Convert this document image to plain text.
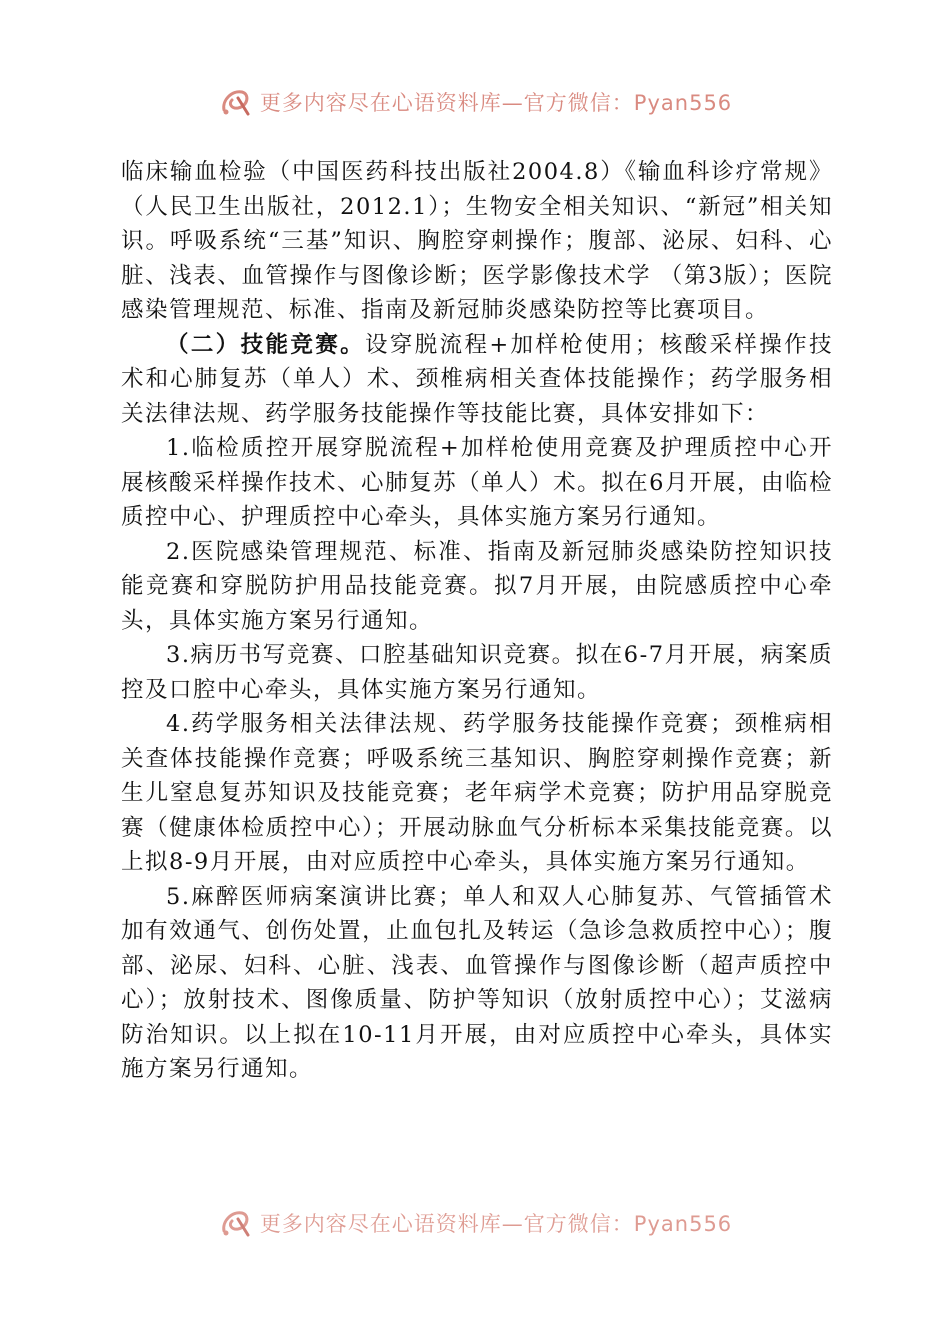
更多内容尽在心语资料库—官方微信：Pyan556

临床输血检验（中国医药科技出版社2004.8）《输血科诊疗常规》（人民卫生出版社，2012.1）；生物安全相关知识、“新冠”相关知识。呼吸系统“三基”知识、胸腔穿刺操作；腹部、泌尿、妇科、心脏、浅表、血管操作与图像诊断；医学影像技术学 （第3版）；医院感染管理规范、标准、指南及新冠肺炎感染防控等比赛项目。

（二）技能竞赛。设穿脱流程+加样枪使用；核酸采样操作技术和心肺复苏（单人）术、颈椎病相关查体技能操作；药学服务相关法律法规、药学服务技能操作等技能比赛，具体安排如下：

1.临检质控开展穿脱流程+加样枪使用竞赛及护理质控中心开展核酸采样操作技术、心肺复苏（单人）术。拟在6月开展，由临检质控中心、护理质控中心牵头，具体实施方案另行通知。

2.医院感染管理规范、标准、指南及新冠肺炎感染防控知识技能竞赛和穿脱防护用品技能竞赛。拟7月开展，由院感质控中心牵头，具体实施方案另行通知。

3.病历书写竞赛、口腔基础知识竞赛。拟在6-7月开展，病案质控及口腔中心牵头，具体实施方案另行通知。

4.药学服务相关法律法规、药学服务技能操作竞赛；颈椎病相关查体技能操作竞赛；呼吸系统三基知识、胸腔穿刺操作竞赛；新生儿窒息复苏知识及技能竞赛；老年病学术竞赛；防护用品穿脱竞赛（健康体检质控中心）；开展动脉血气分析标本采集技能竞赛。以上拟8-9月开展，由对应质控中心牵头，具体实施方案另行通知。

5.麻醉医师病案演讲比赛；单人和双人心肺复苏、气管插管术加有效通气、创伤处置，止血包扎及转运（急诊急救质控中心）；腹部、泌尿、妇科、心脏、浅表、血管操作与图像诊断（超声质控中心）；放射技术、图像质量、防护等知识（放射质控中心）；艾滋病防治知识。以上拟在10-11月开展，由对应质控中心牵头，具体实施方案另行通知。

更多内容尽在心语资料库—官方微信：Pyan556
